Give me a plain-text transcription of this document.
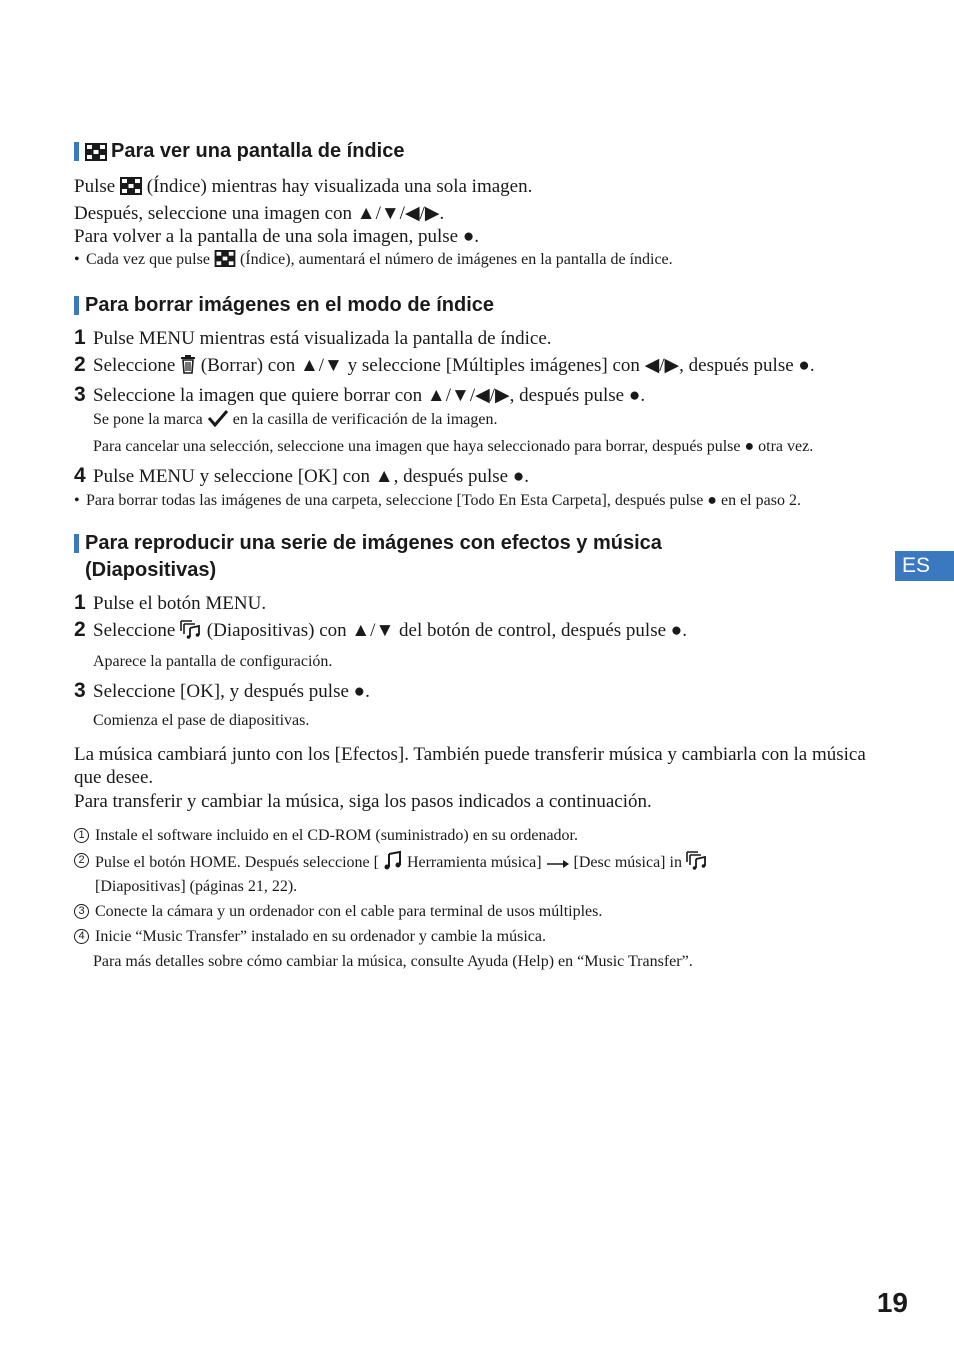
Para ver una pantalla de índice

Pulse (Índice) mientras hay visualizada una sola imagen.

Después, seleccione una imagen con ▲/▼/◀/▶.

Para volver a la pantalla de una sola imagen, pulse ●.

• Cada vez que pulse (Índice), aumentará el número de imágenes en la pantalla de índice.
Para borrar imágenes en el modo de índice
1 Pulse MENU mientras está visualizada la pantalla de índice.
2 Seleccione (Borrar) con ▲/▼ y seleccione [Múltiples imágenes] con ◀/▶, después pulse ●.
3 Seleccione la imagen que quiere borrar con ▲/▼/◀/▶, después pulse ●.

Se pone la marca en la casilla de verificación de la imagen.

Para cancelar una selección, seleccione una imagen que haya seleccionado para borrar, después pulse ● otra vez.

4 Pulse MENU y seleccione [OK] con ▲, después pulse ●.
• Para borrar todas las imágenes de una carpeta, seleccione [Todo En Esta Carpeta], después pulse ● en el paso 2.
Para reproducir una serie de imágenes con efectos y música
(Diapositivas)
1 Pulse el botón MENU.
2 Seleccione (Diapositivas) con ▲/▼ del botón de control, después pulse ●.

Aparece la pantalla de configuración.

3 Seleccione [OK], y después pulse ●.

Comienza el pase de diapositivas.

La música cambiará junto con los [Efectos]. También puede transferir música y cambiarla con la música que desee.

Para transferir y cambiar la música, siga los pasos indicados a continuación.

1 Instale el software incluido en el CD-ROM (suministrado) en su ordenador.
2 Pulse el botón HOME. Después seleccione [ Herramienta música] [Desc música] in
[Diapositivas] (páginas 21, 22).
3 Conecte la cámara y un ordenador con el cable para terminal de usos múltiples.
4 Inicie “Music Transfer” instalado en su ordenador y cambie la música.

Para más detalles sobre cómo cambiar la música, consulte Ayuda (Help) en “Music Transfer”.

ES
19
